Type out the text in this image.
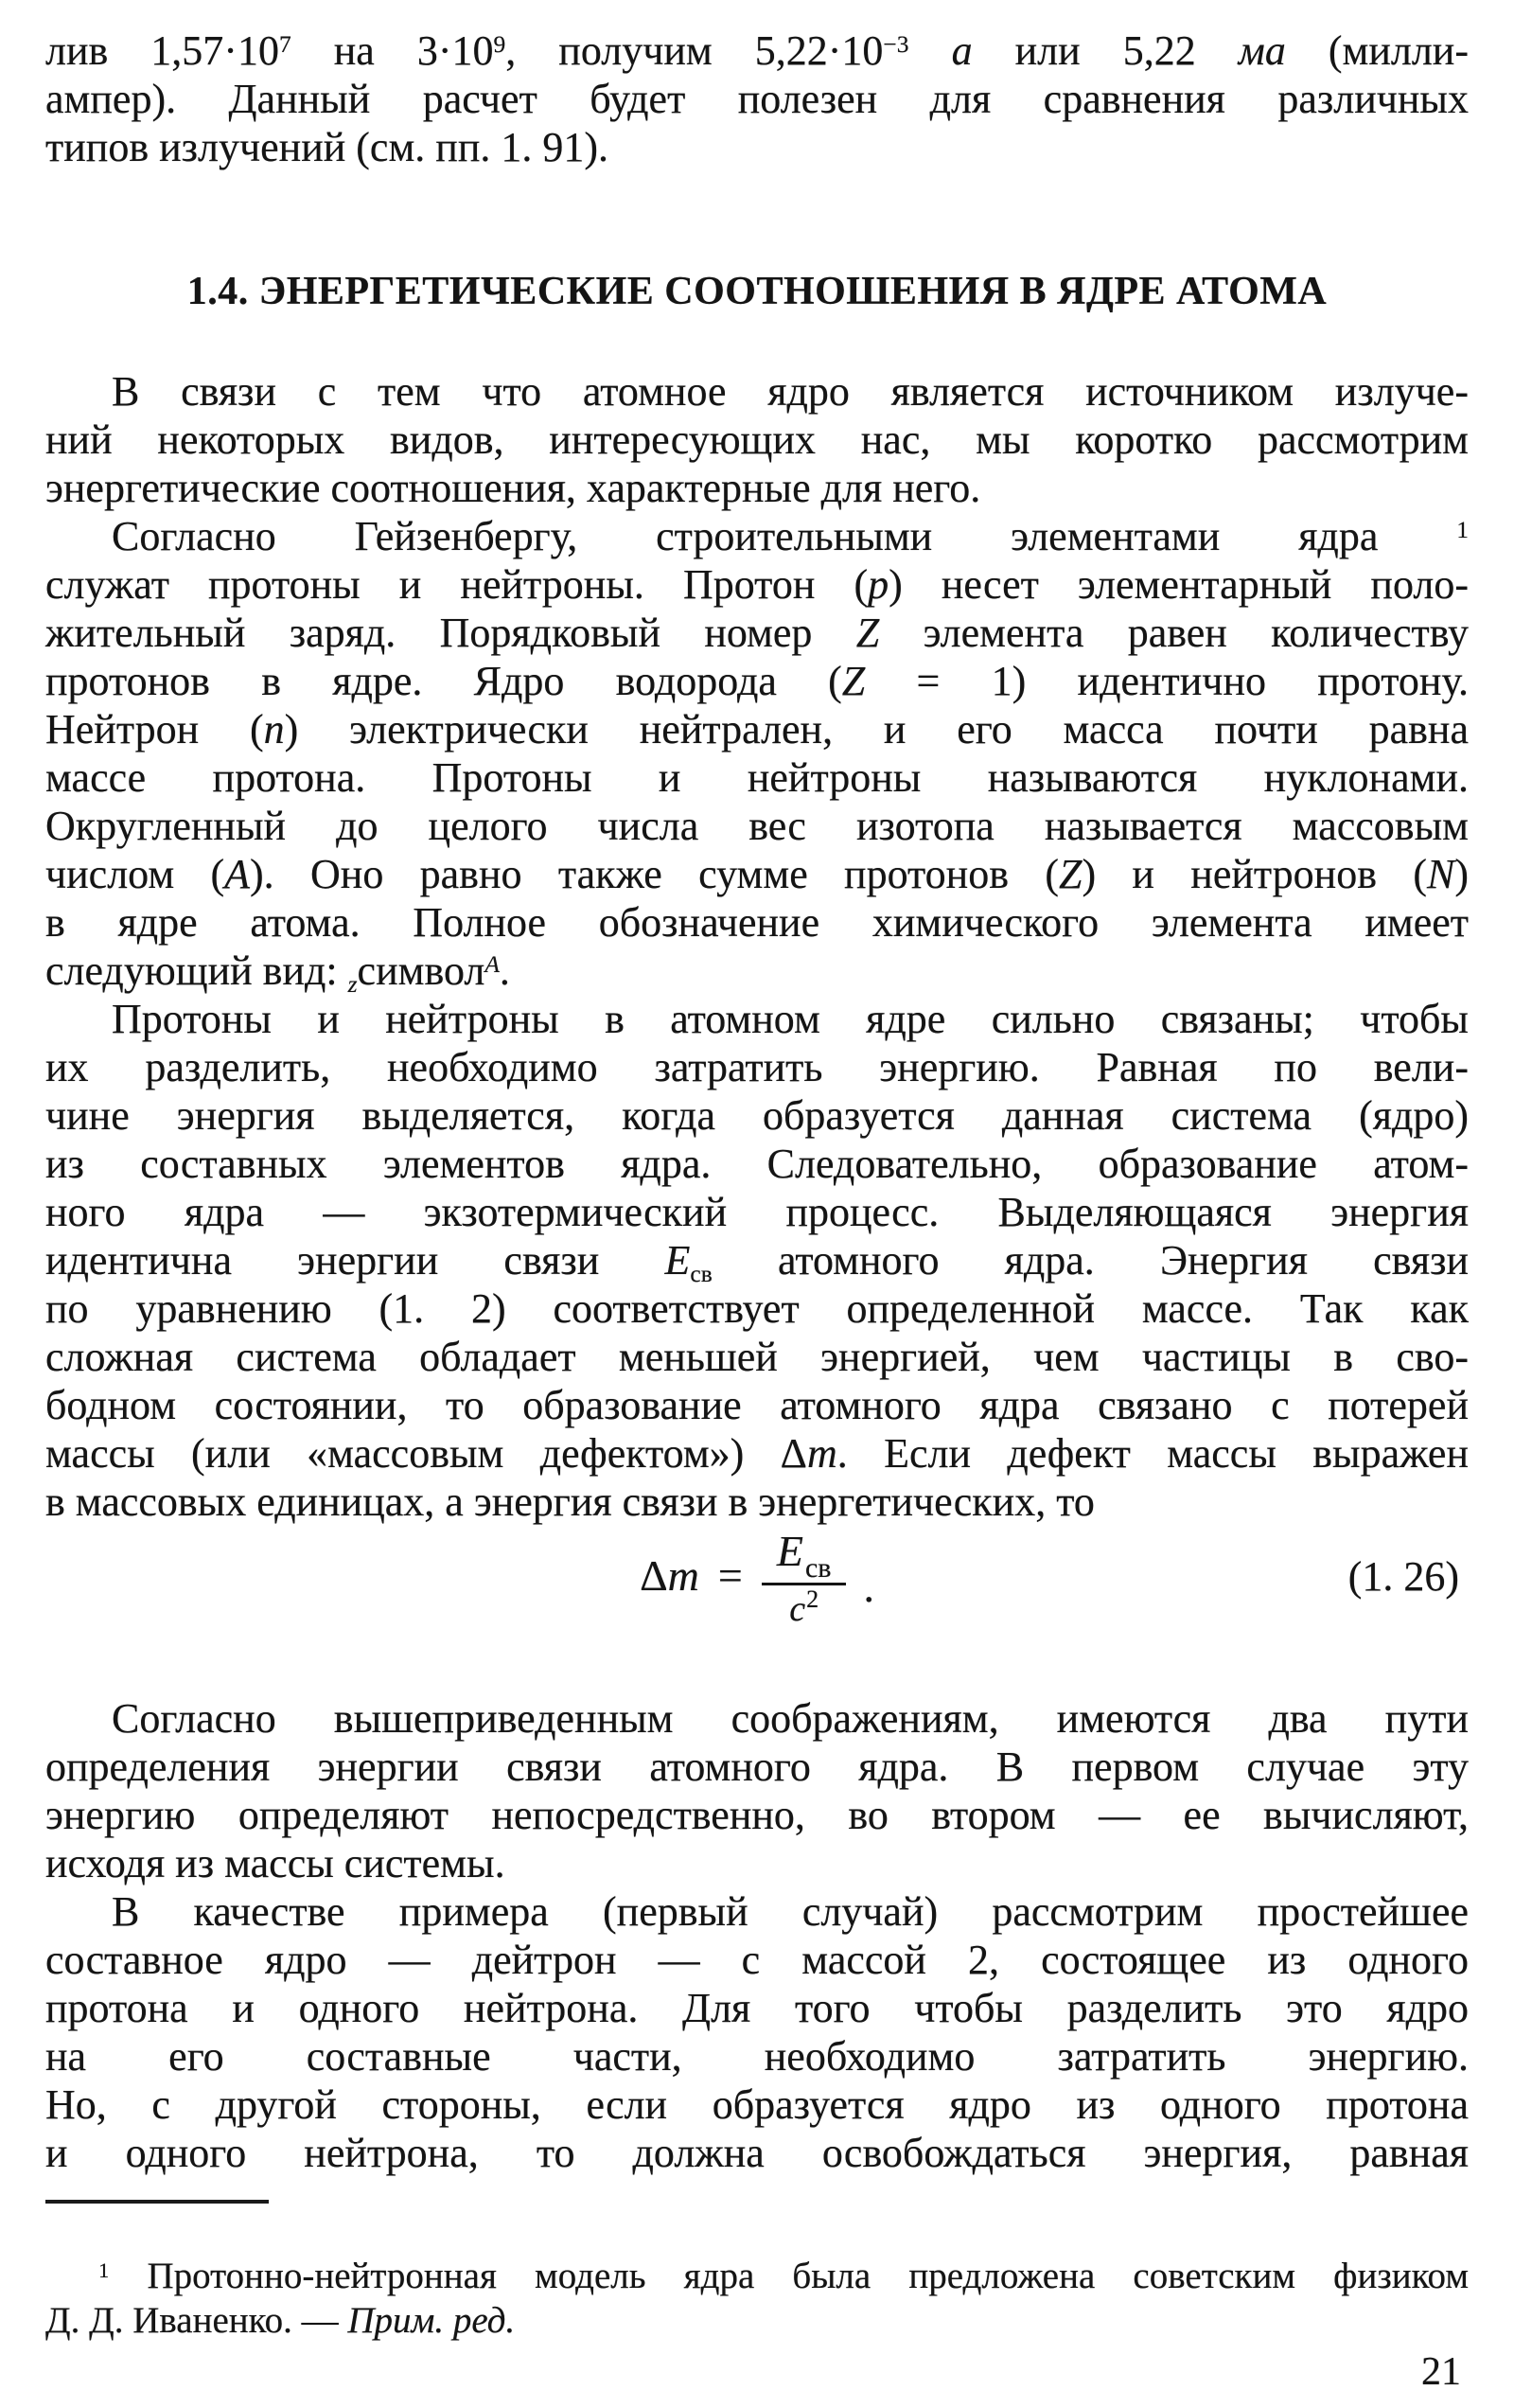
лив $1,57\cdot 10^7$ на $3\cdot 10^9$, получим $5,22\cdot 10^{-3}$ а или 5,22 ма (милли-
ампер). Данный расчет будет полезен для сравнения различных
типов излучений (см. пп. 1. 91).
1.4. ЭНЕРГЕТИЧЕСКИЕ СООТНОШЕНИЯ В ЯДРЕ АТОМА
В связи с тем что атомное ядро является источником излуче-
ний некоторых видов, интересующих нас, мы коротко рассмотрим
энергетические соотношения, характерные для него.
Согласно Гейзенбергу, строительными элементами ядра $^1$
служат протоны и нейтроны. Протон (p) несет элементарный поло-
жительный заряд. Порядковый номер Z элемента равен количеству
протонов в ядре. Ядро водорода (Z = 1) идентично протону.
Нейтрон (n) электрически нейтрален, и его масса почти равна
массе протона. Протоны и нейтроны называются нуклонами.
Округленный до целого числа вес изотопа называется массовым
числом (A). Оно равно также сумме протонов (Z) и нейтронов (N)
в ядре атома. Полное обозначение химического элемента имеет
следующий вид: $_z$символ$^A$.
Протоны и нейтроны в атомном ядре сильно связаны; чтобы
их разделить, необходимо затратить энергию. Равная по вели-
чине энергия выделяется, когда образуется данная система (ядро)
из составных элементов ядра. Следовательно, образование атом-
ного ядра — экзотермический процесс. Выделяющаяся энергия
идентична энергии связи $E_{св}$ атомного ядра. Энергия связи
по уравнению (1. 2) соответствует определенной массе. Так как
сложная система обладает меньшей энергией, чем частицы в сво-
бодном состоянии, то образование атомного ядра связано с потерей
массы (или «массовым дефектом») Δm. Если дефект массы выражен
в массовых единицах, а энергия связи в энергетических, то
$\Delta m = \frac{E_{св}}{c^2}$ .	(1. 26)
Согласно вышеприведенным соображениям, имеются два пути
определения энергии связи атомного ядра. В первом случае эту
энергию определяют непосредственно, во втором — ее вычисляют,
исходя из массы системы.
В качестве примера (первый случай) рассмотрим простейшее
составное ядро — дейтрон — с массой 2, состоящее из одного
протона и одного нейтрона. Для того чтобы разделить это ядро
на его составные части, необходимо затратить энергию.
Но, с другой стороны, если образуется ядро из одного протона
и одного нейтрона, то должна освобождаться энергия, равная
$^1$ Протонно-нейтронная модель ядра была предложена советским физиком
Д. Д. Иваненко. — Прим. ред.
21
